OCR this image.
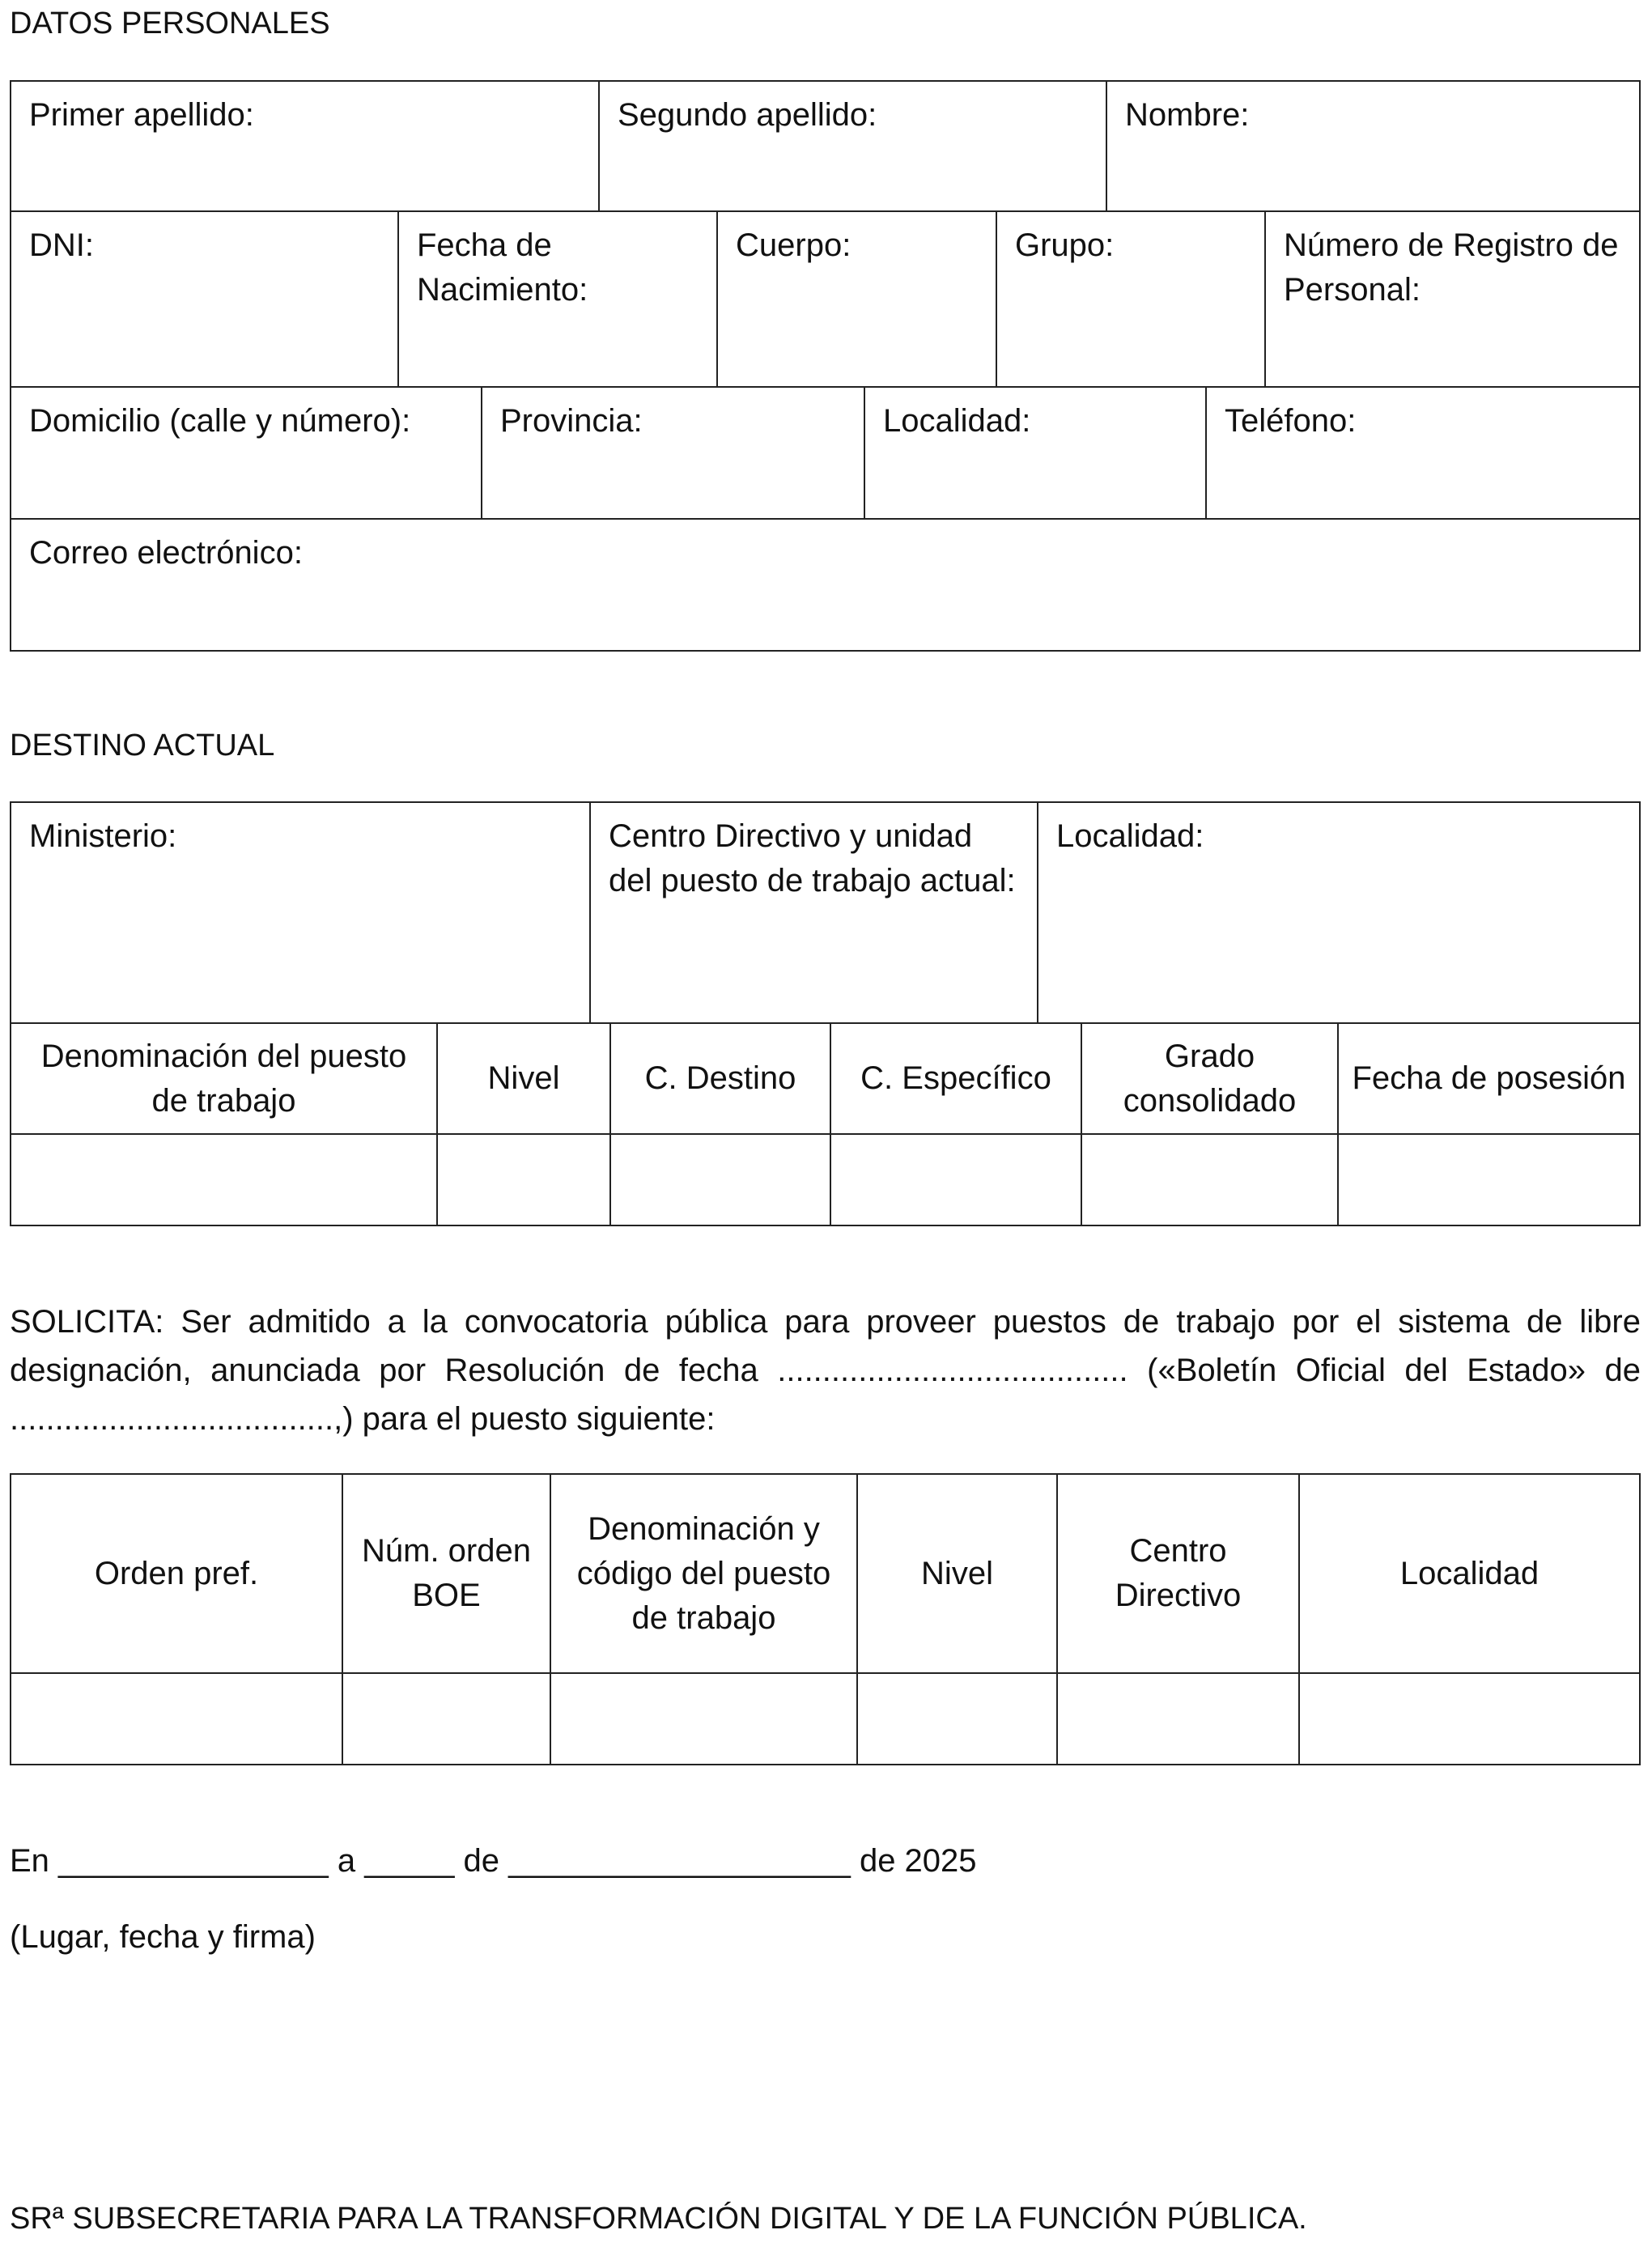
DATOS PERSONALES
Primer apellido:	Segundo apellido:	Nombre:
DNI:	Fecha de Nacimiento:	Cuerpo:	Grupo:	Número de Registro de Personal:
Domicilio (calle y número):	Provincia:	Localidad:	Teléfono:
Correo electrónico:
DESTINO ACTUAL
Ministerio:	Centro Directivo y unidad del puesto de trabajo actual:	Localidad:
Denominación del puesto de trabajo	Nivel	C. Destino	C. Específico	Grado consolidado	Fecha de posesión

SOLICITA: Ser admitido a la convocatoria pública para proveer puestos de trabajo por el sistema de libre designación, anunciada por Resolución de fecha ....................................... («Boletín Oficial del Estado» de ....................................,) para el puesto siguiente:
Orden pref.	Núm. orden BOE	Denominación y código del puesto de trabajo	Nivel	Centro Directivo	Localidad

En _______________ a _____ de ___________________ de 2025
(Lugar, fecha y firma)
SRª SUBSECRETARIA PARA LA TRANSFORMACIÓN DIGITAL Y DE LA FUNCIÓN PÚBLICA.
